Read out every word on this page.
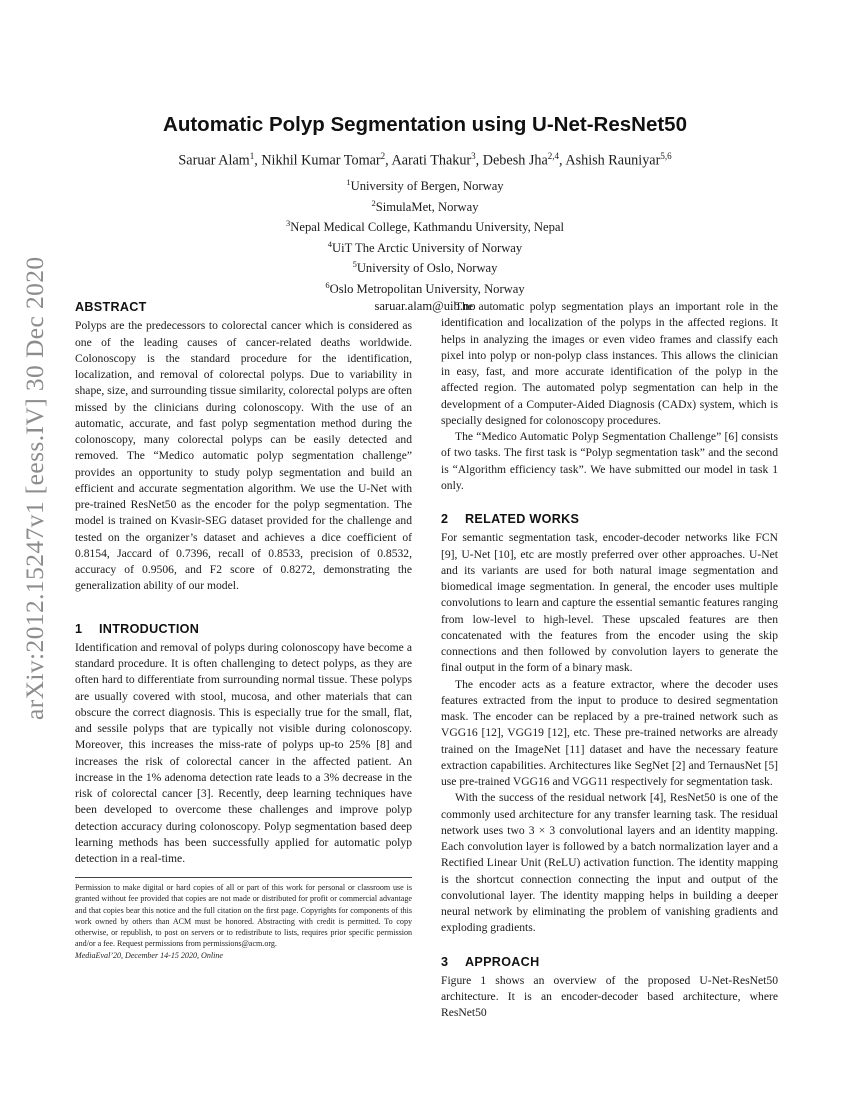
arXiv:2012.15247v1 [eess.IV] 30 Dec 2020
Automatic Polyp Segmentation using U-Net-ResNet50
Saruar Alam$^1$, Nikhil Kumar Tomar$^2$, Aarati Thakur$^3$, Debesh Jha$^{2,4}$, Ashish Rauniyar$^{5,6}$
$^1$University of Bergen, Norway
$^2$SimulaMet, Norway
$^3$Nepal Medical College, Kathmandu University, Nepal
$^4$UiT The Arctic University of Norway
$^5$University of Oslo, Norway
$^6$Oslo Metropolitan University, Norway
saruar.alam@uib.no
ABSTRACT

Polyps are the predecessors to colorectal cancer which is considered as one of the leading causes of cancer-related deaths worldwide. Colonoscopy is the standard procedure for the identification, localization, and removal of colorectal polyps. Due to variability in shape, size, and surrounding tissue similarity, colorectal polyps are often missed by the clinicians during colonoscopy. With the use of an automatic, accurate, and fast polyp segmentation method during the colonoscopy, many colorectal polyps can be easily detected and removed. The “Medico automatic polyp segmentation challenge” provides an opportunity to study polyp segmentation and build an efficient and accurate segmentation algorithm. We use the U-Net with pre-trained ResNet50 as the encoder for the polyp segmentation. The model is trained on Kvasir-SEG dataset provided for the challenge and tested on the organizer’s dataset and achieves a dice coefficient of 0.8154, Jaccard of 0.7396, recall of 0.8533, precision of 0.8532, accuracy of 0.9506, and F2 score of 0.8272, demonstrating the generalization ability of our model.

1 INTRODUCTION

Identification and removal of polyps during colonoscopy have become a standard procedure. It is often challenging to detect polyps, as they are often hard to differentiate from surrounding normal tissue. These polyps are usually covered with stool, mucosa, and other materials that can obscure the correct diagnosis. This is especially true for the small, flat, and sessile polyps that are typically not visible during colonoscopy. Moreover, this increases the miss-rate of polyps up-to 25% [8] and increases the risk of colorectal cancer in the affected patient. An increase in the 1% adenoma detection rate leads to a 3% decrease in the risk of colorectal cancer [3]. Recently, deep learning techniques have been developed to overcome these challenges and improve polyp detection accuracy during colonoscopy. Polyp segmentation based deep learning methods has been successfully applied for automatic polyp detection in a real-time.

Permission to make digital or hard copies of all or part of this work for personal or classroom use is granted without fee provided that copies are not made or distributed for profit or commercial advantage and that copies bear this notice and the full citation on the first page. Copyrights for components of this work owned by others than ACM must be honored. Abstracting with credit is permitted. To copy otherwise, or republish, to post on servers or to redistribute to lists, requires prior specific permission and/or a fee. Request permissions from permissions@acm.org.

MediaEval’20, December 14-15 2020, Online

The automatic polyp segmentation plays an important role in the identification and localization of the polyps in the affected regions. It helps in analyzing the images or even video frames and classify each pixel into polyp or non-polyp class instances. This allows the clinician in easy, fast, and more accurate identification of the polyp in the affected region. The automated polyp segmentation can help in the development of a Computer-Aided Diagnosis (CADx) system, which is specially designed for colonoscopy procedures.

The “Medico Automatic Polyp Segmentation Challenge” [6] consists of two tasks. The first task is “Polyp segmentation task” and the second is “Algorithm efficiency task”. We have submitted our model in task 1 only.

2 RELATED WORKS

For semantic segmentation task, encoder-decoder networks like FCN [9], U-Net [10], etc are mostly preferred over other approaches. U-Net and its variants are used for both natural image segmentation and biomedical image segmentation. In general, the encoder uses multiple convolutions to learn and capture the essential semantic features ranging from low-level to high-level. These upscaled features are then concatenated with the features from the encoder using the skip connections and then followed by convolution layers to generate the final output in the form of a binary mask.

The encoder acts as a feature extractor, where the decoder uses features extracted from the input to produce to desired segmentation mask. The encoder can be replaced by a pre-trained network such as VGG16 [12], VGG19 [12], etc. These pre-trained networks are already trained on the ImageNet [11] dataset and have the necessary feature extraction capabilities. Architectures like SegNet [2] and TernausNet [5] use pre-trained VGG16 and VGG11 respectively for segmentation task.

With the success of the residual network [4], ResNet50 is one of the commonly used architecture for any transfer learning task. The residual network uses two 3 × 3 convolutional layers and an identity mapping. Each convolution layer is followed by a batch normalization layer and a Rectified Linear Unit (ReLU) activation function. The identity mapping is the shortcut connection connecting the input and output of the convolutional layer. The identity mapping helps in building a deeper neural network by eliminating the problem of vanishing gradients and exploding gradients.

3 APPROACH

Figure 1 shows an overview of the proposed U-Net-ResNet50 architecture. It is an encoder-decoder based architecture, where ResNet50
